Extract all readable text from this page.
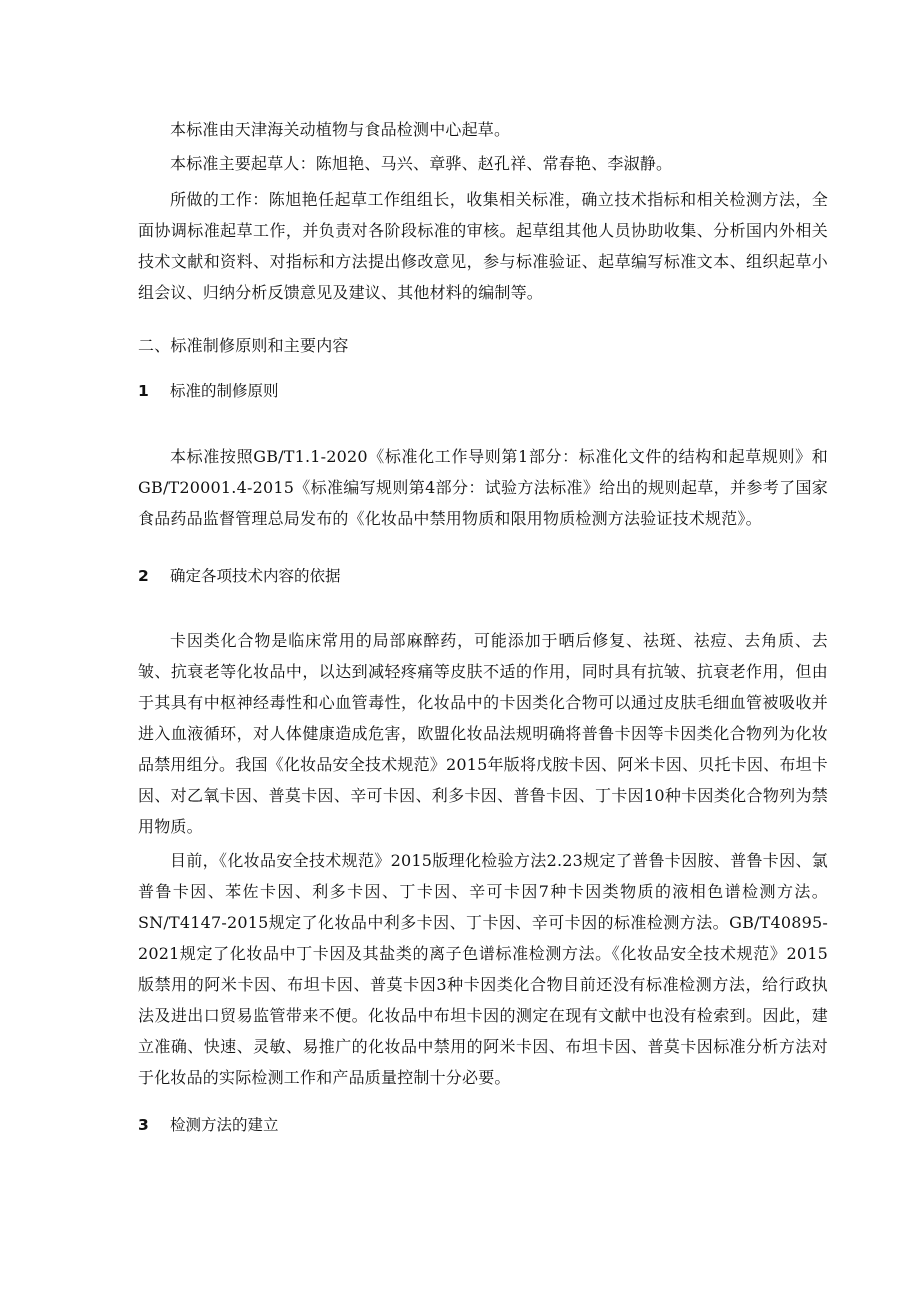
本标准由天津海关动植物与食品检测中心起草。

本标准主要起草人：陈旭艳、马兴、章骅、赵孔祥、常春艳、李淑静。

所做的工作：陈旭艳任起草工作组组长，收集相关标准，确立技术指标和相关检测方法，全面协调标准起草工作，并负责对各阶段标准的审核。起草组其他人员协助收集、分析国内外相关技术文献和资料、对指标和方法提出修改意见，参与标准验证、起草编写标准文本、组织起草小组会议、归纳分析反馈意见及建议、其他材料的编制等。

二、标准制修原则和主要内容

1 标准的制修原则

本标准按照GB/T1.1-2020《标准化工作导则第1部分：标准化文件的结构和起草规则》和GB/T20001.4-2015《标准编写规则第4部分：试验方法标准》给出的规则起草，并参考了国家食品药品监督管理总局发布的《化妆品中禁用物质和限用物质检测方法验证技术规范》。

2 确定各项技术内容的依据

卡因类化合物是临床常用的局部麻醉药，可能添加于晒后修复、祛斑、祛痘、去角质、去皱、抗衰老等化妆品中，以达到减轻疼痛等皮肤不适的作用，同时具有抗皱、抗衰老作用，但由于其具有中枢神经毒性和心血管毒性，化妆品中的卡因类化合物可以通过皮肤毛细血管被吸收并进入血液循环，对人体健康造成危害，欧盟化妆品法规明确将普鲁卡因等卡因类化合物列为化妆品禁用组分。我国《化妆品安全技术规范》2015年版将戊胺卡因、阿米卡因、贝托卡因、布坦卡因、对乙氧卡因、普莫卡因、辛可卡因、利多卡因、普鲁卡因、丁卡因10种卡因类化合物列为禁用物质。

目前，《化妆品安全技术规范》2015版理化检验方法2.23规定了普鲁卡因胺、普鲁卡因、氯普鲁卡因、苯佐卡因、利多卡因、丁卡因、辛可卡因7种卡因类物质的液相色谱检测方法。SN/T4147-2015规定了化妆品中利多卡因、丁卡因、辛可卡因的标准检测方法。GB/T40895-2021规定了化妆品中丁卡因及其盐类的离子色谱标准检测方法。《化妆品安全技术规范》2015版禁用的阿米卡因、布坦卡因、普莫卡因3种卡因类化合物目前还没有标准检测方法，给行政执法及进出口贸易监管带来不便。化妆品中布坦卡因的测定在现有文献中也没有检索到。因此，建立准确、快速、灵敏、易推广的化妆品中禁用的阿米卡因、布坦卡因、普莫卡因标准分析方法对于化妆品的实际检测工作和产品质量控制十分必要。

3 检测方法的建立
